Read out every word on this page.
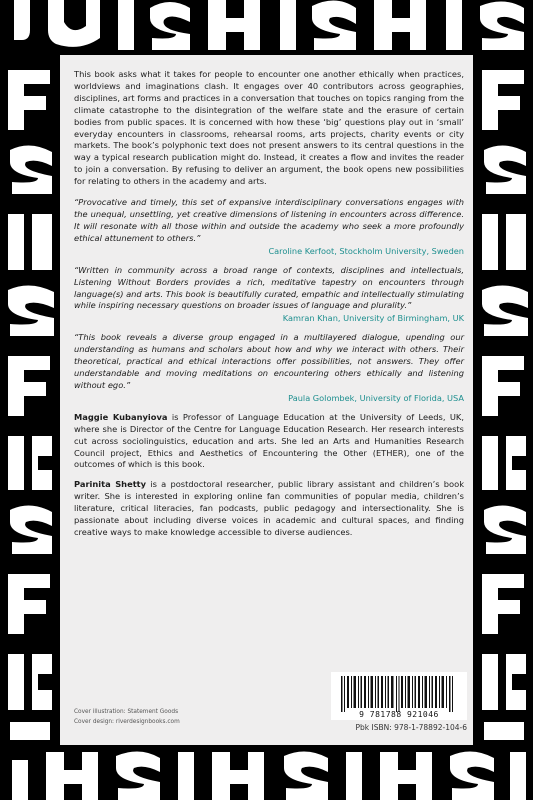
This book asks what it takes for people to encounter one another ethically when practices, worldviews and imaginations clash. It engages over 40 contributors across geographies, disciplines, art forms and practices in a conversation that touches on topics ranging from the climate catastrophe to the disintegration of the welfare state and the erasure of certain bodies from public spaces. It is concerned with how these ‘big’ questions play out in ‘small’ everyday encounters in classrooms, rehearsal rooms, arts projects, charity events or city markets. The book’s polyphonic text does not present answers to its central questions in the way a typical research publication might do. Instead, it creates a flow and invites the reader to join a conversation. By refusing to deliver an argument, the book opens new possibilities for relating to others in the academy and arts.

“Provocative and timely, this set of expansive interdisciplinary conversations engages with the unequal, unsettling, yet creative dimensions of listening in encounters across difference. It will resonate with all those within and outside the academy who seek a more profoundly ethical attunement to others.”

Caroline Kerfoot, Stockholm University, Sweden

“Written in community across a broad range of contexts, disciplines and intellectuals, Listening Without Borders provides a rich, meditative tapestry on encounters through language(s) and arts. This book is beautifully curated, empathic and intellectually stimulating while inspiring necessary questions on broader issues of language and plurality.”

Kamran Khan, University of Birmingham, UK

“This book reveals a diverse group engaged in a multilayered dialogue, upending our understanding as humans and scholars about how and why we interact with others. Their theoretical, practical and ethical interactions offer possibilities, not answers. They offer understandable and moving meditations on encountering others ethically and listening without ego.”

Paula Golombek, University of Florida, USA

Maggie Kubanyiova is Professor of Language Education at the University of Leeds, UK, where she is Director of the Centre for Language Education Research. Her research interests cut across sociolinguistics, education and arts. She led an Arts and Humanities Research Council project, Ethics and Aesthetics of Encountering the Other (ETHER), one of the outcomes of which is this book.

Parinita Shetty is a postdoctoral researcher, public library assistant and children’s book writer. She is interested in exploring online fan communities of popular media, children’s literature, critical literacies, fan podcasts, public pedagogy and intersectionality. She is passionate about including diverse voices in academic and cultural spaces, and finding creative ways to make knowledge accessible to diverse audiences.

Cover illustration: Statement Goods
Cover design: riverdesignbooks.com
9 781788 921046
Pbk ISBN: 978-1-78892-104-6
